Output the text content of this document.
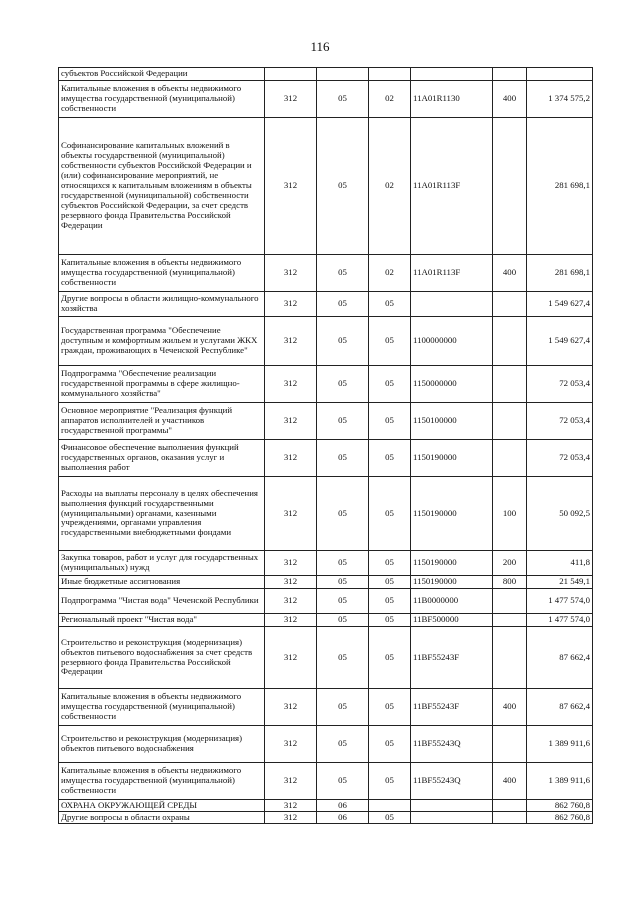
116
субъектов Российской Федерации						
Капитальные вложения в объекты недвижимого имущества государственной (муниципальной) собственности	312	05	02	11A01R1130	400	1 374 575,2
Софинансирование капитальных вложений в объекты государственной (муниципальной) собственности субъектов Российской Федерации и (или) софинансирование мероприятий, не относящихся к капитальным вложениям в объекты государственной (муниципальной) собственности субъектов Российской Федерации, за счет средств резервного фонда Правительства Российской Федерации	312	05	02	11A01R113F		281 698,1
Капитальные вложения в объекты недвижимого имущества государственной (муниципальной) собственности	312	05	02	11A01R113F	400	281 698,1
Другие вопросы в области жилищно-коммунального хозяйства	312	05	05			1 549 627,4
Государственная программа "Обеспечение доступным и комфортным жильем и услугами ЖКХ граждан, проживающих в Чеченской Республике"	312	05	05	1100000000		1 549 627,4
Подпрограмма "Обеспечение реализации государственной программы в сфере жилищно-коммунального хозяйства"	312	05	05	1150000000		72 053,4
Основное мероприятие "Реализация функций аппаратов исполнителей и участников государственной программы"	312	05	05	1150100000		72 053,4
Финансовое обеспечение выполнения функций государственных органов, оказания услуг и выполнения работ	312	05	05	1150190000		72 053,4
Расходы на выплаты персоналу в целях обеспечения выполнения функций государственными (муниципальными) органами, казенными учреждениями, органами управления государственными внебюджетными фондами	312	05	05	1150190000	100	50 092,5
Закупка товаров, работ и услуг для государственных (муниципальных) нужд	312	05	05	1150190000	200	411,8
Иные бюджетные ассигнования	312	05	05	1150190000	800	21 549,1
Подпрограмма "Чистая вода" Чеченской Республики	312	05	05	11B0000000		1 477 574,0
Региональный проект "Чистая вода"	312	05	05	11BF500000		1 477 574,0
Строительство и реконструкция (модернизация) объектов питьевого водоснабжения за счет средств резервного фонда Правительства Российской Федерации	312	05	05	11BF55243F		87 662,4
Капитальные вложения в объекты недвижимого имущества государственной (муниципальной) собственности	312	05	05	11BF55243F	400	87 662,4
Строительство и реконструкция (модернизация) объектов питьевого водоснабжения	312	05	05	11BF55243Q		1 389 911,6
Капитальные вложения в объекты недвижимого имущества государственной (муниципальной) собственности	312	05	05	11BF55243Q	400	1 389 911,6
ОХРАНА ОКРУЖАЮЩЕЙ СРЕДЫ	312	06				862 760,8
Другие вопросы в области охраны	312	06	05			862 760,8
